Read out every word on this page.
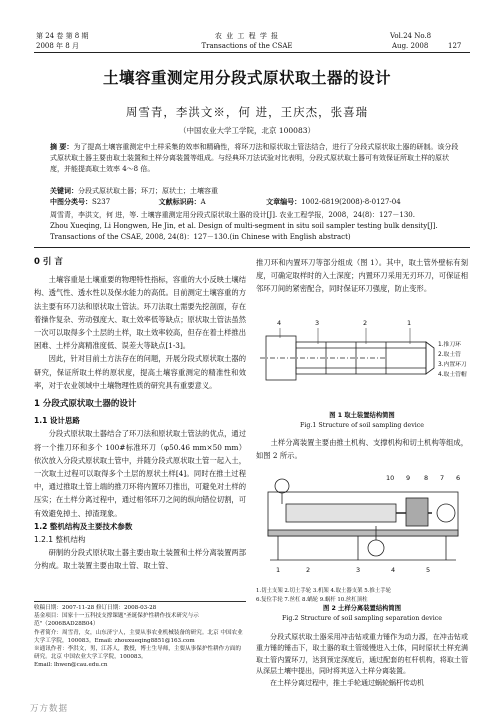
第 24 卷 第 8 期
2008 年 8 月
农 业 工 程 学 报
Transactions of the CSAE
Vol.24 No.8
Aug. 2008	127
土壤容重测定用分段式原状取土器的设计
周雪青，李洪文※，何 进，王庆杰，张喜瑞
（中国农业大学工学院，北京 100083）
摘 要：为了提高土壤容重测定中土样采集的效率和精确性，将环刀法和原状取土管法结合，进行了分段式原状取土器的研制。该分段式原状取土器主要由取土装置和土样分离装置等组成。与经典环刀法试验对比表明，分段式原状取土器可有效保证所取土样的原状度，并能提高取土效率 4～8 倍。
关键词：分段式原状取土器；环刀；原状土；土壤容重
中图分类号：S237	文献标识码：A	文章编号：1002-6819(2008)-8-0127-04
周雪青，李洪文，何 进，等. 土壤容重测定用分段式原状取土器的设计[J]. 农业工程学报，2008，24(8)：127－130.
Zhou Xueqing, Li Hongwen, He Jin, et al. Design of multi-segment in situ soil sampler testing bulk density[J]. Transactions of the CSAE, 2008, 24(8)：127－130.(in Chinese with English abstract)
0 引 言

土壤容重是土壤重要的物理特性指标，容重的大小反映土壤结构、透气性、透水性以及保水能力的高低。目前测定土壤容重的方法主要有环刀法和原状取土管法。环刀法取土需要先挖剖面，存在着操作复杂、劳动强度大、取土效率低等缺点；原状取土管法虽然一次可以取得多个土层的土样，取土效率较高，但存在着土样推出困难、土样分离精准度低、误差大等缺点[1-3]。

因此，针对目前土方法存在的问题，开展分段式原状取土器的研究，保证所取土样的原状度，提高土壤容重测定的精准性和效率，对于农业领域中土壤物理性质的研究具有重要意义。

1 分段式原状取土器的设计
1.1 设计思路

分段式原状取土器结合了环刀法和原状取土管法的优点，通过将一个推刀环和多个 100#标准环刀（φ50.46 mm×50 mm）依次放入分段式原状取土管中，并随分段式原状取土管一起入土，一次取土过程可以取得多个土层的原状土样[4]。同时在推土过程中，通过推取土管上端的推刀环将内置环刀推出，可避免对土样的压实；在土样分离过程中，通过相邻环刀之间的纵向错位切割，可有效避免掉土、掉渣现象。

1.2 整机结构及主要技术参数
1.2.1 整机结构

研制的分段式原状取土器主要由取土装置和土样分离装置两部分构成。取土装置主要由取土管、取土管、

收稿日期：2007-11-28 修订日期：2008-03-28
基金项目：国家十一五科技支撑课题"圣诞保护性耕作技术研究与示范"（2006BAD28B04）
作者简介：周雪青，女，山东济宁人，主要从事农业机械装备的研究。北京 中国农业大学工学院，100083。Email: zhouxueqing8851@163.com
※通讯作者：李洪文，男，江苏人，教授，博士生导师，主要从事保护性耕作方面的研究。北京 中国农业大学工学院，100083。
Email: lhwen@cau.edu.cn

推刀环和内置环刀等部分组成（图 1）。其中，取土管外壁标有刻度，可确定取样时的入土深度；内置环刀采用无刃环刀，可保证相邻环刀间的紧密配合，同时保证环刀强度，防止变形。

4	3	2	1
1.推刀环
2.取土管
3.内置环刀
4.取土管帽
图 1 取土装置结构简图
Fig.1 Structure of soil sampling device

土样分离装置主要由推土机构、支撑机构和切土机构等组成，如图 2 所示。

10 9 8 7 6
1	2	3	4	5
1.切土支架 2.切土手轮 3.机架 4.取土器支架 5.推土手轮
6.复位手轮 7.丝杠 8.蜗轮 9.蜗杆 10.丝杠顶柱
图 2 土样分离装置结构简图
Fig.2 Structure of soil sampling separation device

分段式原状取土器采用冲击钻或重力锤作为动力源，在冲击钻或重力锤的锤击下，取土器的取土管缓慢进入土体，同时原状土样充满取土管内置环刀，达到预定深度后，通过配套的杠杆机构，将取土管从深层土壤中提出，同时将其送入土样分离装置。

在土样分离过程中，推土手轮通过蜗轮蜗杆传动机

万方数据
